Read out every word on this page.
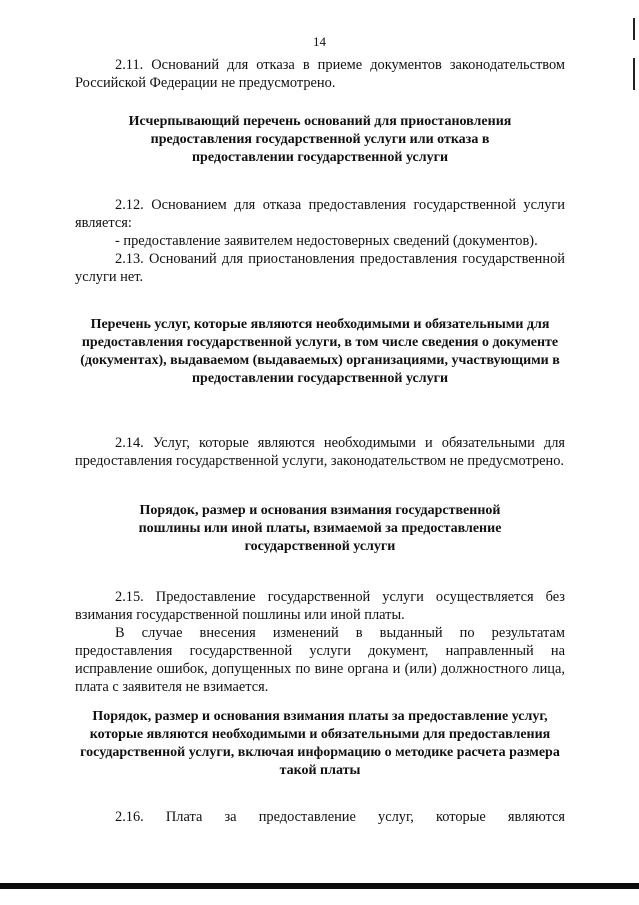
14

2.11. Оснований для отказа в приеме документов законодательством Российской Федерации не предусмотрено.

Исчерпывающий перечень оснований для приостановления предоставления государственной услуги или отказа в предоставлении государственной услуги

2.12. Основанием для отказа предоставления государственной услуги является:

- предоставление заявителем недостоверных сведений (документов).

2.13. Оснований для приостановления предоставления государственной услуги нет.

Перечень услуг, которые являются необходимыми и обязательными для предоставления государственной услуги, в том числе сведения о документе (документах), выдаваемом (выдаваемых) организациями, участвующими в предоставлении государственной услуги

2.14. Услуг, которые являются необходимыми и обязательными для предоставления государственной услуги, законодательством не предусмотрено.

Порядок, размер и основания взимания государственной пошлины или иной платы, взимаемой за предоставление государственной услуги

2.15. Предоставление государственной услуги осуществляется без взимания государственной пошлины или иной платы.

В случае внесения изменений в выданный по результатам предоставления государственной услуги документ, направленный на исправление ошибок, допущенных по вине органа и (или) должностного лица, плата с заявителя не взимается.

Порядок, размер и основания взимания платы за предоставление услуг, которые являются необходимыми и обязательными для предоставления государственной услуги, включая информацию о методике расчета размера такой платы

2.16. Плата за предоставление услуг, которые являются
